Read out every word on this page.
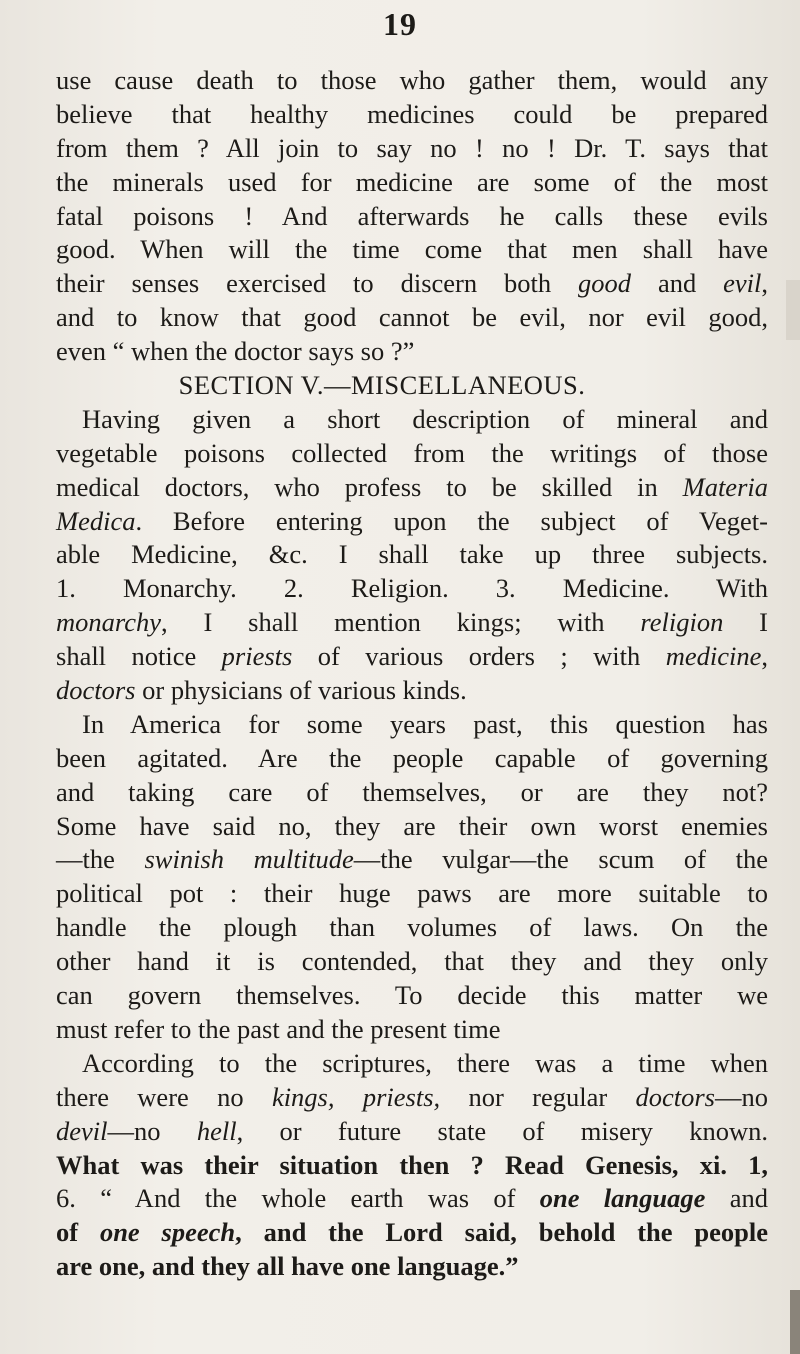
19
use cause death to those who gather them, would any
believe that healthy medicines could be prepared
from them ? All join to say no ! no ! Dr. T. says that
the minerals used for medicine are some of the most
fatal poisons ! And afterwards he calls these evils
good. When will the time come that men shall have
their senses exercised to discern both good and evil,
and to know that good cannot be evil, nor evil good,
even “ when the doctor says so ?”
SECTION V.—MISCELLANEOUS.
Having given a short description of mineral and
vegetable poisons collected from the writings of those
medical doctors, who profess to be skilled in Materia
Medica. Before entering upon the subject of Veget-
able Medicine, &c. I shall take up three subjects.
1. Monarchy. 2. Religion. 3. Medicine. With
monarchy, I shall mention kings; with religion I
shall notice priests of various orders ; with medicine,
doctors or physicians of various kinds.
In America for some years past, this question has
been agitated. Are the people capable of governing
and taking care of themselves, or are they not?
Some have said no, they are their own worst enemies
—the swinish multitude—the vulgar—the scum of the
political pot : their huge paws are more suitable to
handle the plough than volumes of laws. On the
other hand it is contended, that they and they only
can govern themselves. To decide this matter we
must refer to the past and the present time
According to the scriptures, there was a time when
there were no kings, priests, nor regular doctors—no
devil—no hell, or future state of misery known.
What was their situation then ? Read Genesis, xi. 1,
6. “ And the whole earth was of one language and
of one speech, and the Lord said, behold the people
are one, and they all have one language.”
